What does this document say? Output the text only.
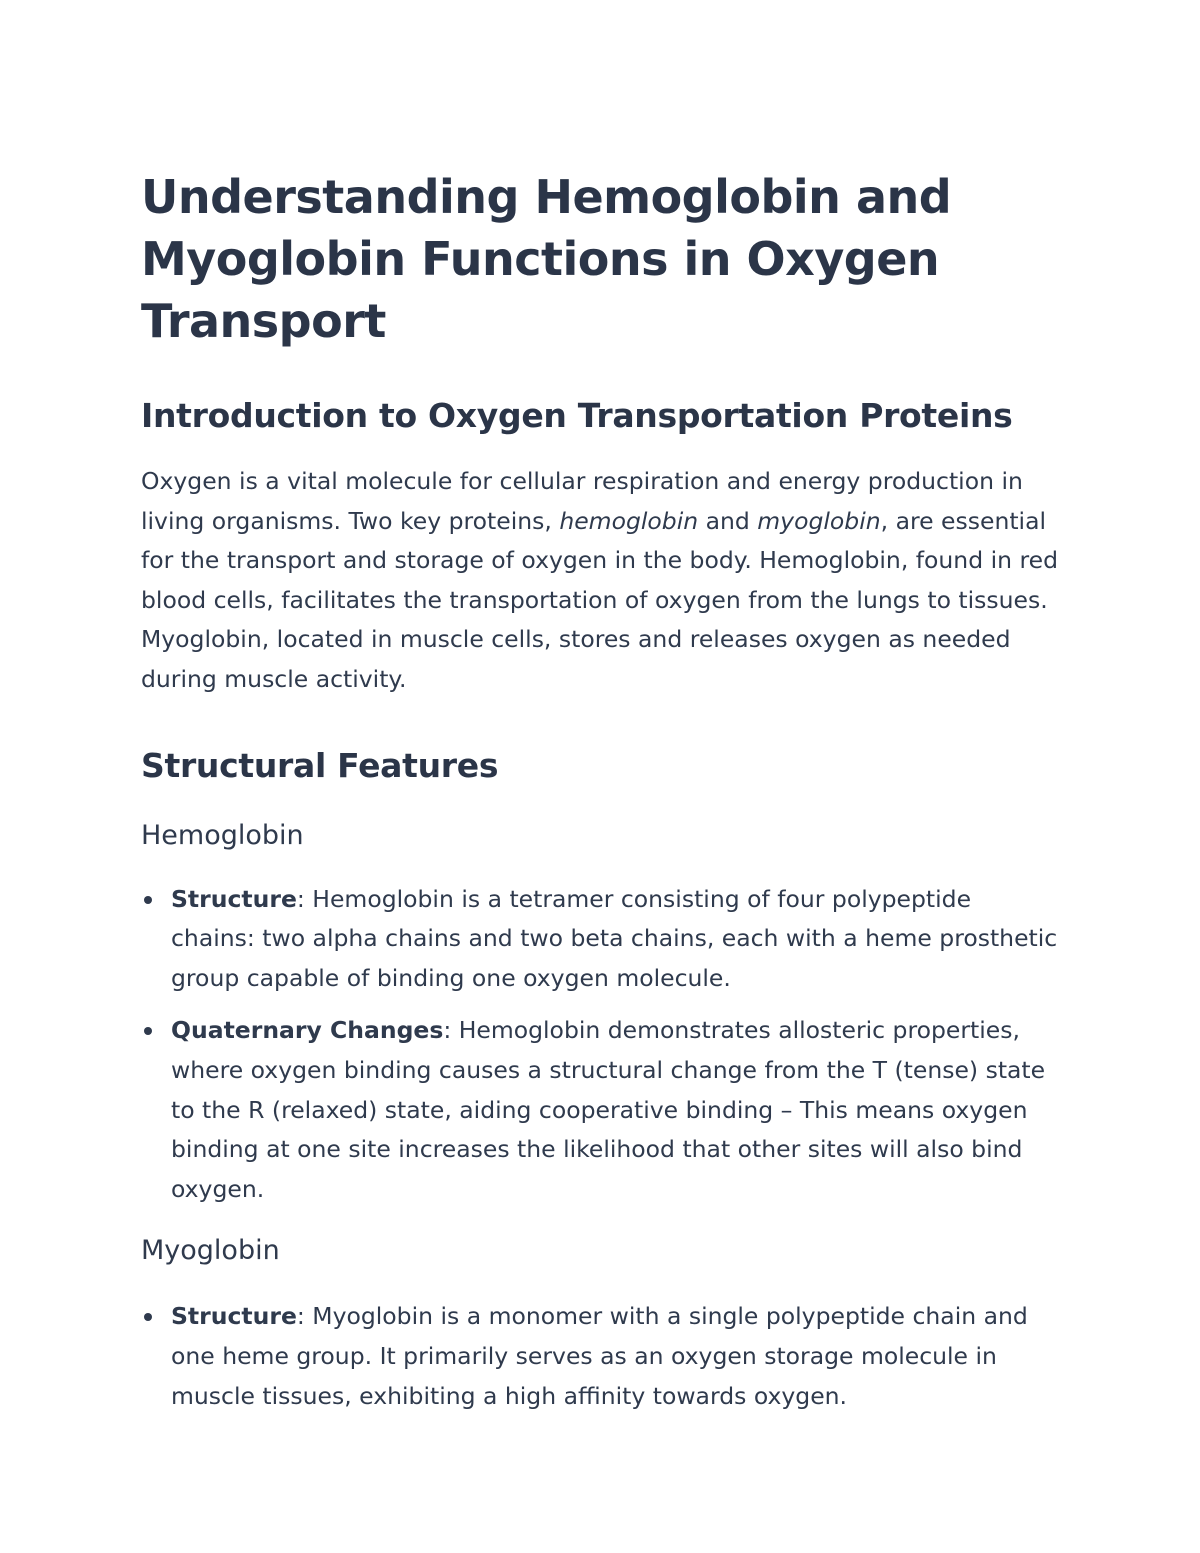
Understanding Hemoglobin and Myoglobin Functions in Oxygen Transport
Introduction to Oxygen Transportation Proteins

Oxygen is a vital molecule for cellular respiration and energy production in living organisms. Two key proteins, hemoglobin and myoglobin, are essential for the transport and storage of oxygen in the body. Hemoglobin, found in red blood cells, facilitates the transportation of oxygen from the lungs to tissues. Myoglobin, located in muscle cells, stores and releases oxygen as needed during muscle activity.

Structural Features
Hemoglobin
Structure: Hemoglobin is a tetramer consisting of four polypeptide chains: two alpha chains and two beta chains, each with a heme prosthetic group capable of binding one oxygen molecule.
Quaternary Changes: Hemoglobin demonstrates allosteric properties, where oxygen binding causes a structural change from the T (tense) state to the R (relaxed) state, aiding cooperative binding – This means oxygen binding at one site increases the likelihood that other sites will also bind oxygen.
Myoglobin
Structure: Myoglobin is a monomer with a single polypeptide chain and one heme group. It primarily serves as an oxygen storage molecule in muscle tissues, exhibiting a high affinity towards oxygen.
